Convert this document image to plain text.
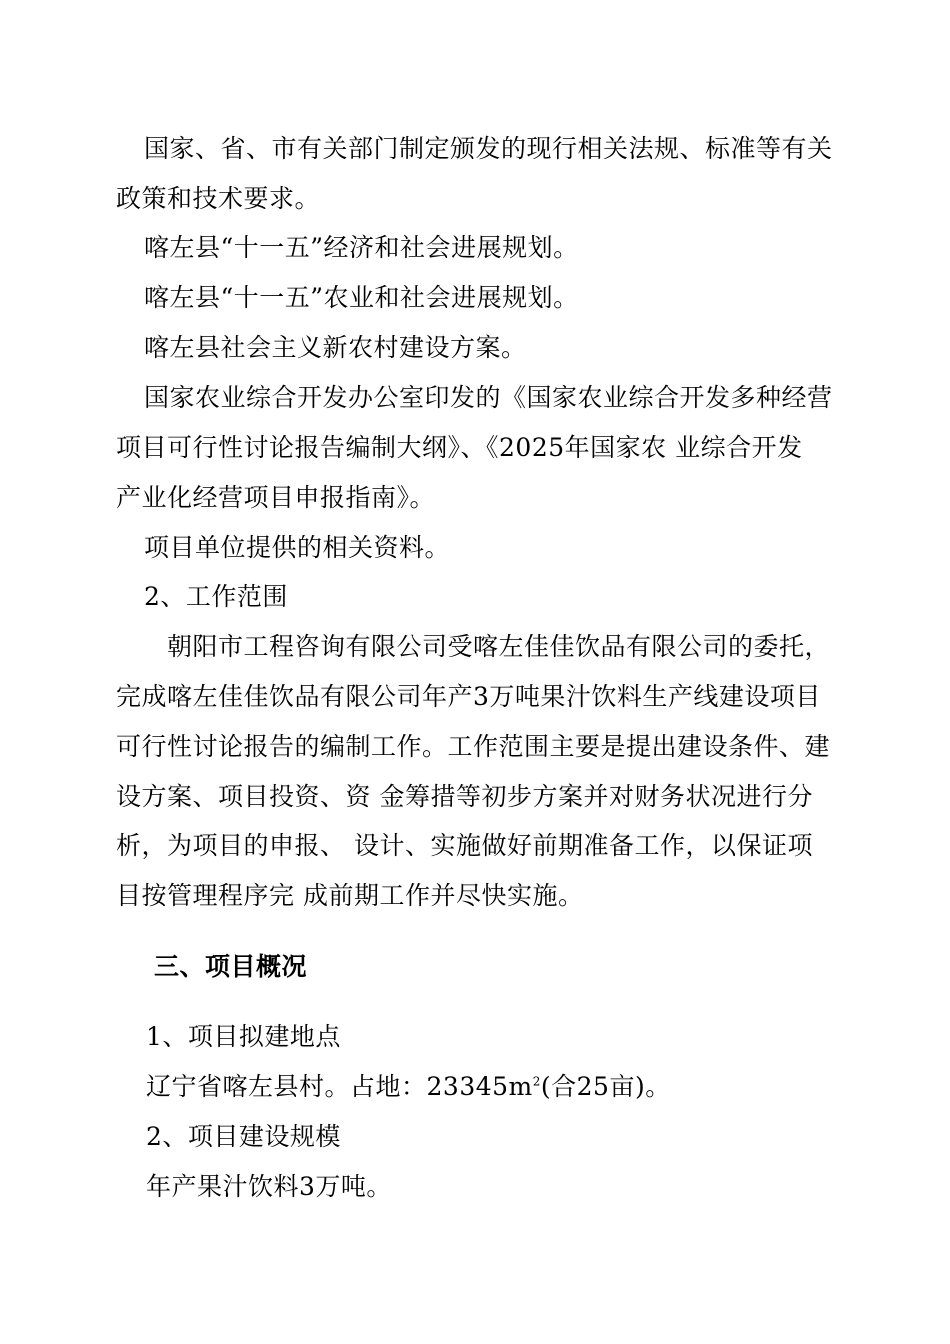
国家、省、市有关部门制定颁发的现行相关法规、标准等有关
政策和技术要求。
喀左县“十一五”经济和社会进展规划。
喀左县“十一五”农业和社会进展规划。
喀左县社会主义新农村建设方案。
国家农业综合开发办公室印发的《国家农业综合开发多种经营
项目可行性讨论报告编制大纲》、《2025年国家农 业综合开发
产业化经营项目申报指南》。
项目单位提供的相关资料。
2、工作范围
朝阳市工程咨询有限公司受喀左佳佳饮品有限公司的委托，
完成喀左佳佳饮品有限公司年产3万吨果汁饮料生产线建设项目
可行性讨论报告的编制工作。工作范围主要是提出建设条件、建
设方案、项目投资、资 金筹措等初步方案并对财务状况进行分
析，为项目的申报、 设计、实施做好前期准备工作，以保证项
目按管理程序完 成前期工作并尽快实施。
三、项目概况
1、项目拟建地点
辽宁省喀左县村。占地：$23345m^2$(合25亩)。
2、项目建设规模
年产果汁饮料3万吨。
